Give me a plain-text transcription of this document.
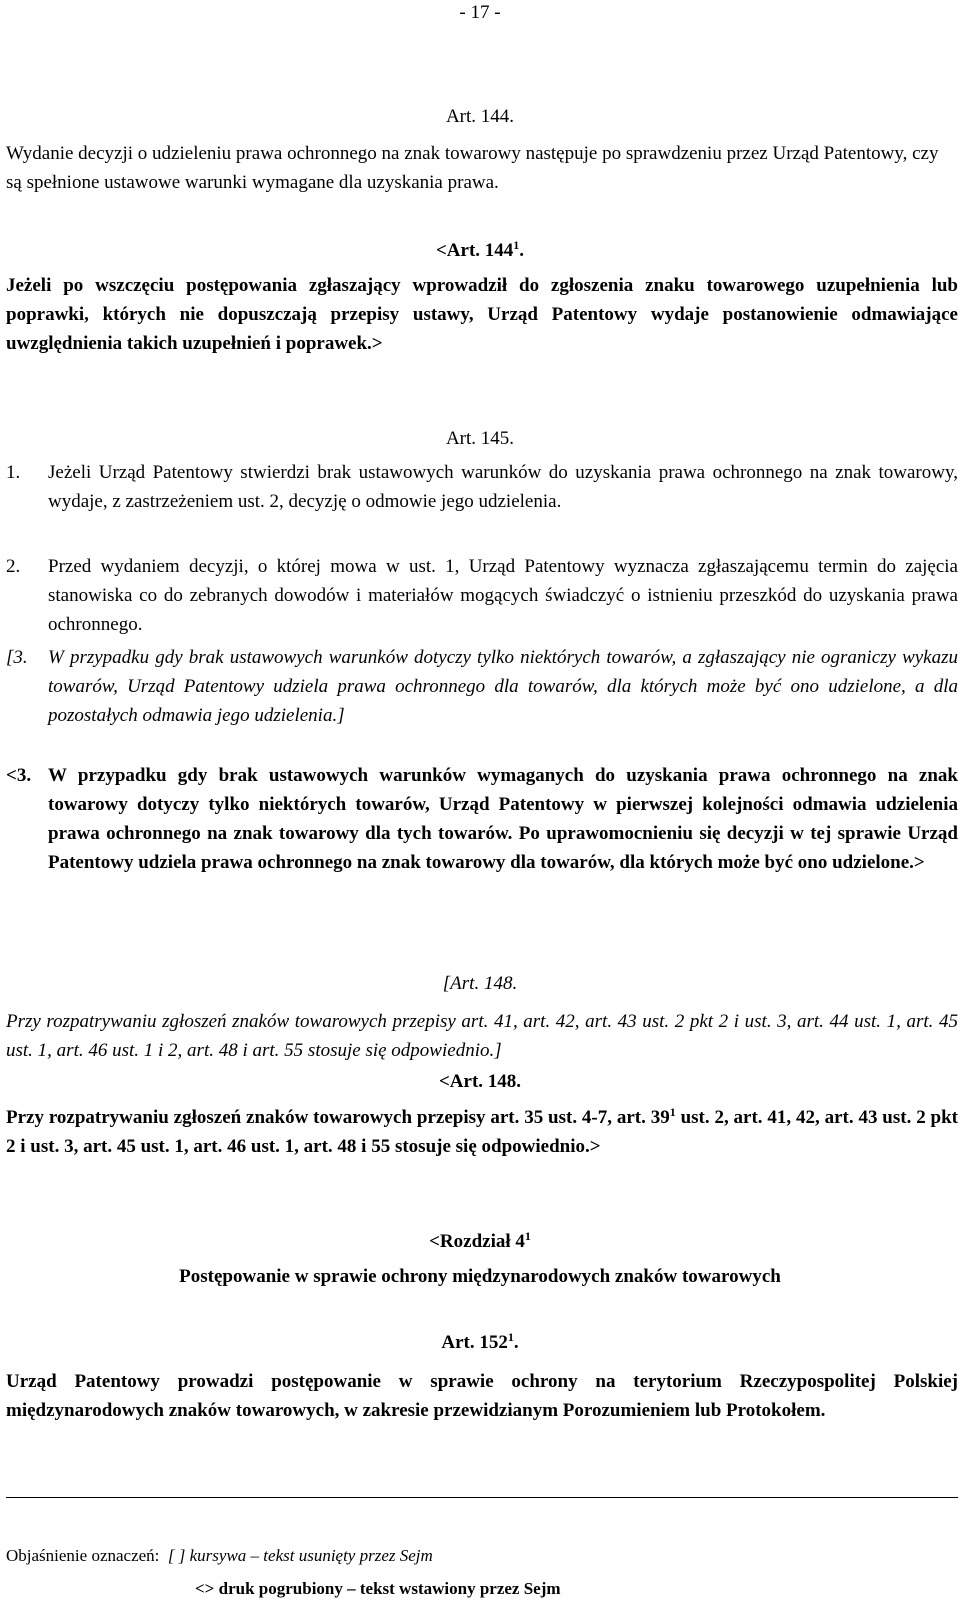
- 17 -
Art. 144.

Wydanie decyzji o udzieleniu prawa ochronnego na znak towarowy następuje po sprawdzeniu przez Urząd Patentowy, czy są spełnione ustawowe warunki wymagane dla uzyskania prawa.

<Art. $144^1$.

Jeżeli po wszczęciu postępowania zgłaszający wprowadził do zgłoszenia znaku towarowego uzupełnienia lub poprawki, których nie dopuszczają przepisy ustawy, Urząd Patentowy wydaje postanowienie odmawiające uwzględnienia takich uzupełnień i poprawek.>

Art. 145.
1.	Jeżeli Urząd Patentowy stwierdzi brak ustawowych warunków do uzyskania prawa ochronnego na znak towarowy, wydaje, z zastrzeżeniem ust. 2, decyzję o odmowie jego udzielenia.

2.	Przed wydaniem decyzji, o której mowa w ust. 1, Urząd Patentowy wyznacza zgłaszającemu termin do zajęcia stanowiska co do zebranych dowodów i materiałów mogących świadczyć o istnieniu przeszkód do uzyskania prawa ochronnego.

[3.	W przypadku gdy brak ustawowych warunków dotyczy tylko niektórych towarów, a zgłaszający nie ograniczy wykazu towarów, Urząd Patentowy udziela prawa ochronnego dla towarów, dla których może być ono udzielone, a dla pozostałych odmawia jego udzielenia.]

<3. W przypadku gdy brak ustawowych warunków wymaganych do uzyskania prawa ochronnego na znak towarowy dotyczy tylko niektórych towarów, Urząd Patentowy w pierwszej kolejności odmawia udzielenia prawa ochronnego na znak towarowy dla tych towarów. Po uprawomocnieniu się decyzji w tej sprawie Urząd Patentowy udziela prawa ochronnego na znak towarowy dla towarów, dla których może być ono udzielone.>

[Art. 148.

Przy rozpatrywaniu zgłoszeń znaków towarowych przepisy art. 41, art. 42, art. 43 ust. 2 pkt 2 i ust. 3, art. 44 ust. 1, art. 45 ust. 1, art. 46 ust. 1 i 2, art. 48 i art. 55 stosuje się odpowiednio.]

<Art. 148.

Przy rozpatrywaniu zgłoszeń znaków towarowych przepisy art. 35 ust. 4-7, art. $39^1$ ust. 2, art. 41, 42, art. 43 ust. 2 pkt 2 i ust. 3, art. 45 ust. 1, art. 46 ust. 1, art. 48 i 55 stosuje się odpowiednio.>

<Rozdział $4^1$
Postępowanie w sprawie ochrony międzynarodowych znaków towarowych
Art. $152^1$.

Urząd Patentowy prowadzi postępowanie w sprawie ochrony na terytorium Rzeczypospolitej Polskiej międzynarodowych znaków towarowych, w zakresie przewidzianym Porozumieniem lub Protokołem.

Objaśnienie oznaczeń: [ ] kursywa – tekst usunięty przez Sejm
<> druk pogrubiony – tekst wstawiony przez Sejm
